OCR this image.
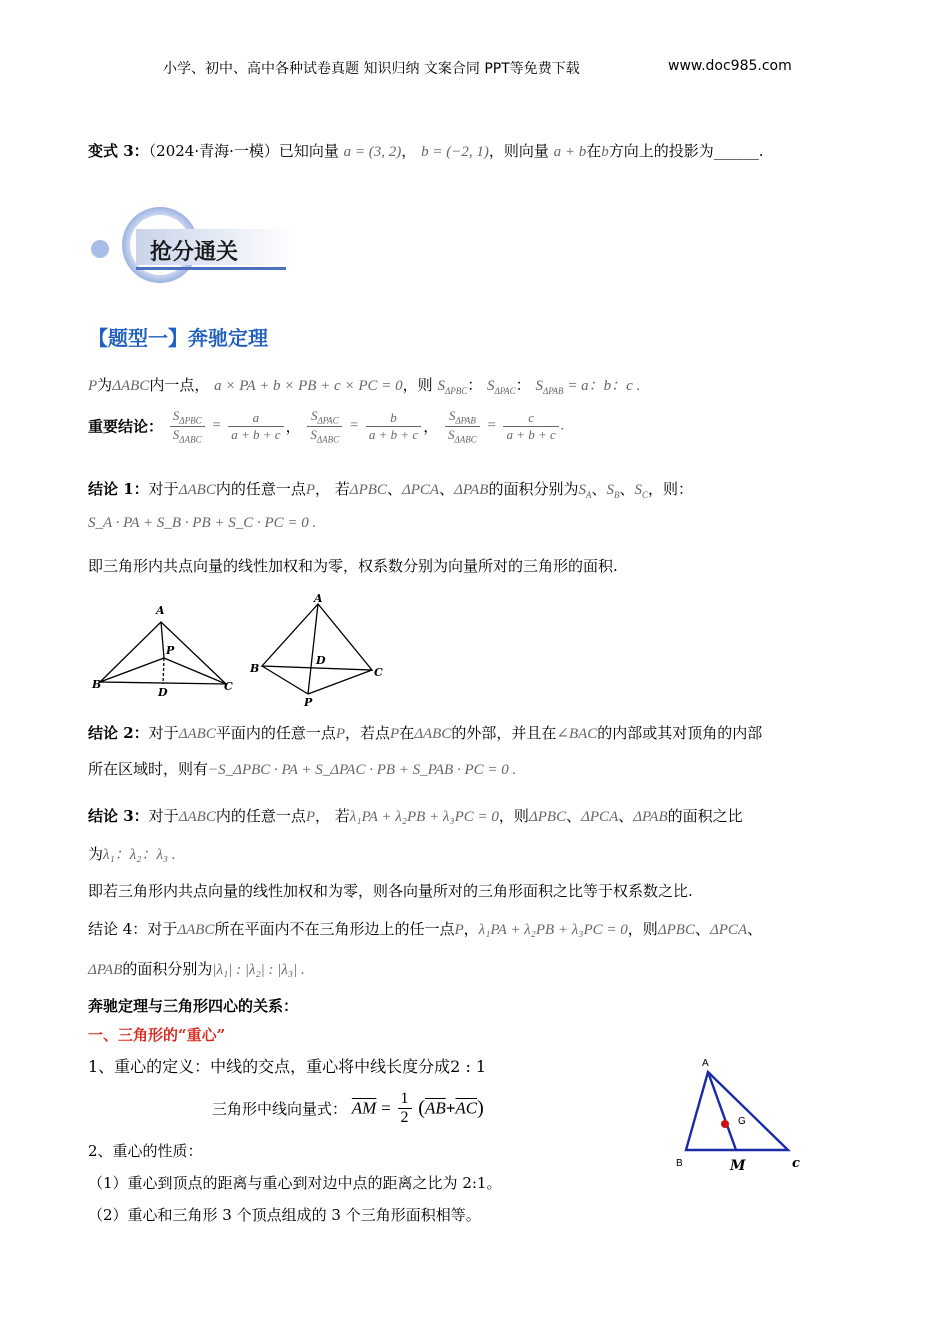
小学、初中、高中各种试卷真题 知识归纳 文案合同 PPT等免费下载	www.doc985.com
变式 3：（2024·青海·一模）已知向量 a = (3, 2)， b = (−2, 1)，则向量 a + b在b方向上的投影为______.
抢分通关
【题型一】奔驰定理
P为ΔABC内一点， a × PA + b × PB + c × PC = 0，则 $S_{\Delta PBC}$： $S_{\Delta PAC}$： $S_{\Delta PAB} = a$：b：c .
重要结论： $\frac{S_{\Delta PBC}}{S_{\Delta ABC}} = \frac{a}{a + b + c}$ ， $\frac{S_{\Delta PAC}}{S_{\Delta ABC}} = \frac{b}{a + b + c}$ ， $\frac{S_{\Delta PAB}}{S_{\Delta ABC}} = \frac{c}{a + b + c}$ .
结论 1：对于ΔABC内的任意一点P， 若ΔPBC、ΔPCA、ΔPAB的面积分别为$S_A$、$S_B$、$S_C$，则：
S_A · PA + S_B · PB + S_C · PC = 0 .
即三角形内共点向量的线性加权和为零，权系数分别为向量所对的三角形的面积.
A
B	C
P
D
A
B	C
P
D
结论 2：对于ΔABC平面内的任意一点P，若点P在ΔABC的外部，并且在∠BAC的内部或其对顶角的内部
所在区域时，则有−S_ΔPBC · PA + S_ΔPAC · PB + S_PAB · PC = 0 .
结论 3：对于ΔABC内的任意一点P， 若λ₁PA + λ₂PB + λ₃PC = 0，则ΔPBC、ΔPCA、ΔPAB的面积之比
为λ₁：λ₂：λ₃ .
即若三角形内共点向量的线性加权和为零，则各向量所对的三角形面积之比等于权系数之比.
结论 4：对于ΔABC所在平面内不在三角形边上的任一点P，λ₁PA + λ₂PB + λ₃PC = 0，则ΔPBC、ΔPCA、
ΔPAB的面积分别为|λ₁| : |λ₂| : |λ₃| .
奔驰定理与三角形四心的关系：
一、三角形的“重心”
1、重心的定义：中线的交点，重心将中线长度分成2 : 1
三角形中线向量式： $\overline{AM} = \frac{1}{2} (\overline{AB}+\overline{AC})$
2、重心的性质：
（1）重心到顶点的距离与重心到对边中点的距离之比为 2:1。
（2）重心和三角形 3 个顶点组成的 3 个三角形面积相等。
A
B	c
G
M
